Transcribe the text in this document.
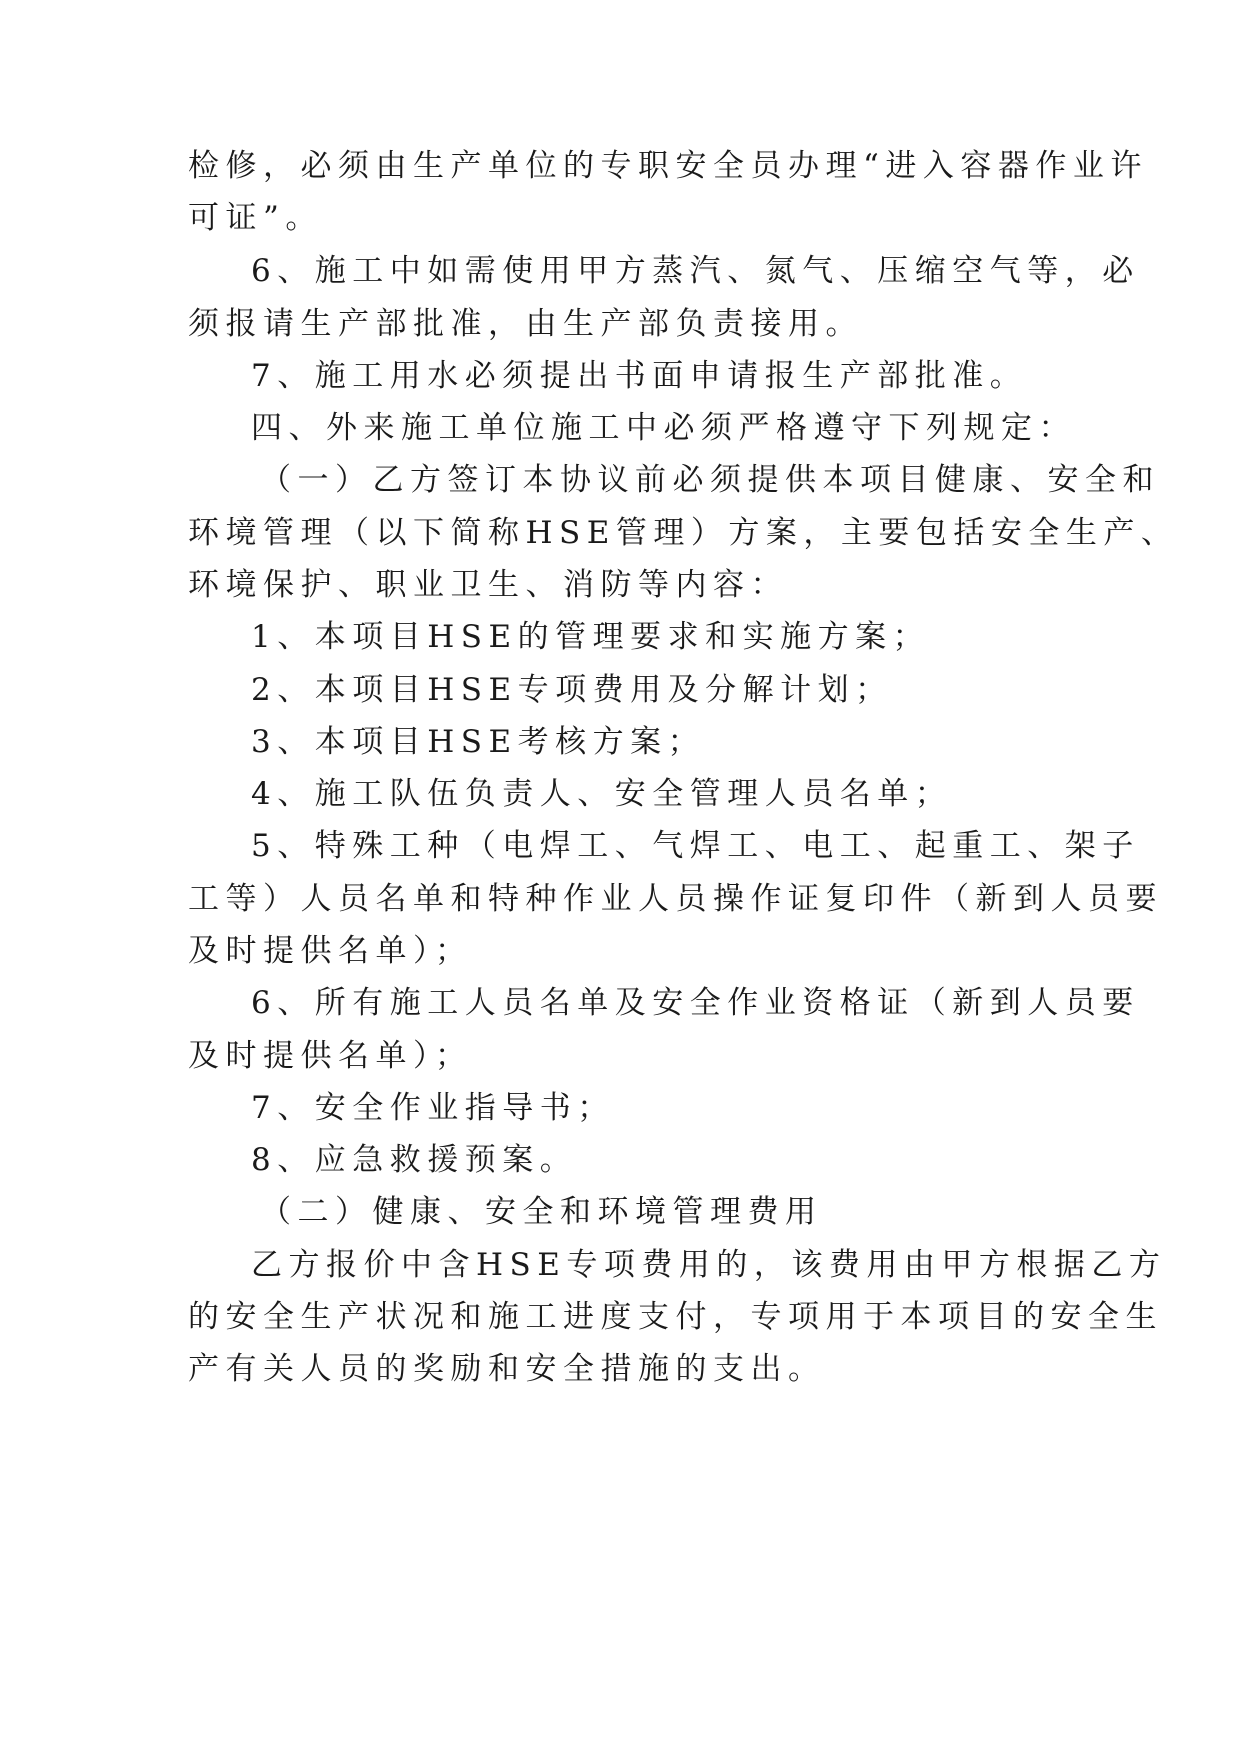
检修，必须由生产单位的专职安全员办理“进入容器作业许
可证”。
6、施工中如需使用甲方蒸汽、氮气、压缩空气等，必
须报请生产部批准，由生产部负责接用。
7、施工用水必须提出书面申请报生产部批准。
四、外来施工单位施工中必须严格遵守下列规定：
（一）乙方签订本协议前必须提供本项目健康、安全和
环境管理（以下简称HSE管理）方案，主要包括安全生产、
环境保护、职业卫生、消防等内容：
1、本项目HSE的管理要求和实施方案；
2、本项目HSE专项费用及分解计划；
3、本项目HSE考核方案；
4、施工队伍负责人、安全管理人员名单；
5、特殊工种（电焊工、气焊工、电工、起重工、架子
工等）人员名单和特种作业人员操作证复印件（新到人员要
及时提供名单）；
6、所有施工人员名单及安全作业资格证（新到人员要
及时提供名单）；
7、安全作业指导书；
8、应急救援预案。
（二）健康、安全和环境管理费用
乙方报价中含HSE专项费用的，该费用由甲方根据乙方
的安全生产状况和施工进度支付，专项用于本项目的安全生
产有关人员的奖励和安全措施的支出。
